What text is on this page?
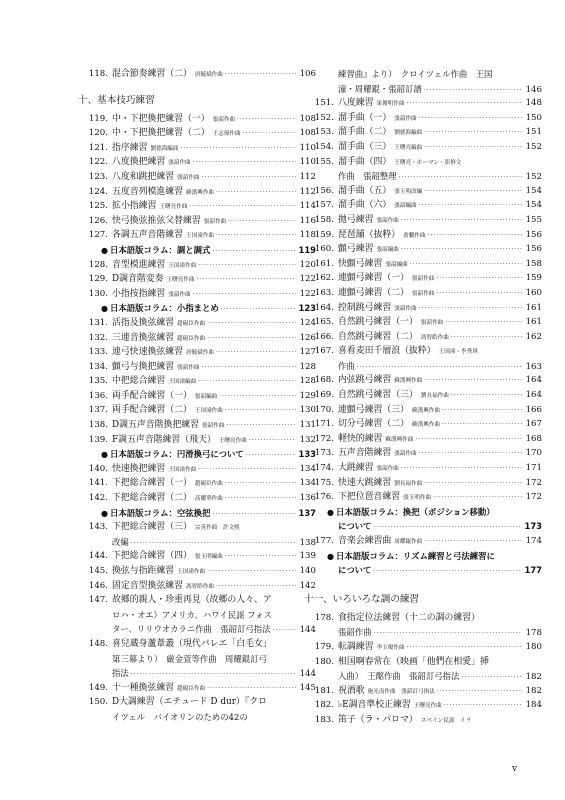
118. 混合節奏練習（二） 唐毓斌作曲 ·····	106
十、基本技巧練習
119. 中・下把換把練習（一） 張韶作曲 ·····	108
120. 中・下把換把練習（二） 王志偉作曲 ·····	108
121. 指序練習 劉德海編曲 ·····	110
122. 八度換把練習 張韶作曲 ·····	110
123. 八度和跳把練習 張韶作曲 ·····	112
124. 五度音列模進練習 蘇漢興作曲 ·····	112
125. 拡小指練習 王曙亮作曲 ·····	114
126. 快弓換弦推弦父替練習 張韶作曲 ·····	116
127. 各調五声音階練習 王国潼作曲 ·····	118
● 日本語版コラム：調と調式 ·····	119
128. 音型模進練習 王国潼作曲 ·····	120
129. D調音階変奏 王曙亮作曲 ·····	122
130. 小指按指練習 張韶作曲 ·····	122
● 日本語版コラム：小指まとめ ·····	123
131. 活指及換弦練習 趙硯臣作曲 ·····	124
132. 三連音換弦練習 趙硯臣作曲 ·····	126
133. 連弓快速換弦練習 唐毓斌作曲 ·····	127
134. 顫弓与換把練習 張韶作曲 ·····	128
135. 中把総合練習 王国潼編曲 ·····	128
136. 両手配合練習（一） 張韶編曲 ·····	129
137. 両手配合練習（二） 王国潼作曲 ·····	130
138. D調五声音階換把練習 張韶作曲 ·····	131
139. F調五声音階練習（飛天） 王曙亮作曲 ·····	132
● 日本語版コラム：円滑換弓について ·····	133
140. 快速換把練習 王国潼作曲 ·····	134
141. 下把総合練習（一） 趙硯臣作曲 ·····	134
142. 下把総合練習（二） 高耀華作曲 ·····	136
● 日本語版コラム：空弦換把 ·····	137
143. 下把総合練習（三） 宗英作曲　許文熙
改編 ·····	138
144. 下把総合練習（四） 張玉明編曲 ·····	139
145. 換弦与指距練習 王国潼作曲 ·····	140
146. 固定音型換弦練習 馮智皓作曲 ·····	142
147. 故郷的親人・珍重再見（故郷の人々、ア
ロハ・オエ）アメリカ、ハワイ民謡 フォス
ター、リリウオカラニ作曲　張韶訂弓指法 ·····	144
148. 喜兒蔵身蘆葦叢（現代バレエ「白毛女」
第三幕より）　厳金萱等作曲　周耀錕訂弓
指法 ·····	144
149. 十一種換弦練習 趙硯臣作曲 ·····	145
150. D大調練習（エチュード D dur）『クロ
イツェル　バイオリンのための42の
練習曲』より）　クロイツェル作曲　王国
潼・周耀錕・張韶訂譜 ·····	146
151. 八度練習 果俊明作曲 ·····	148
152. 溜手曲（一） 張韶作曲 ·····	150
153. 溜手曲（二） 劉德海編曲 ·····	151
154. 溜手曲（三） 王曙亮編曲 ·····	152
155. 溜手曲（四） 王曙亮・ホーマン・影修文
作曲　張韶整理 ·····	152
156. 溜手曲（五） 張玉明改編 ·····	154
157. 溜手曲（六） 張韶編曲 ·····	154
158. 拋弓練習 張韶作曲 ·····	155
159. 琵琶舗（抜粋） 俞鵬作曲 ·····	156
160. 顫弓練習 張韶編曲 ·····	156
161. 快顫弓練習 張韶編曲 ·····	158
162. 連顫弓練習（一） 張韶作曲 ·····	159
163. 連顫弓練習（二） 張韶作曲 ·····	160
164. 控制跳弓練習 張韶作曲 ·····	161
165. 自然跳弓練習（一） 張韶作曲 ·····	161
166. 自然跳弓練習（二） 馮智皓作曲 ·····	162
167. 喜看麦田千層浪（抜粋） 王国潼・李秀琪
作曲 ·····	163
168. 内弦跳弓練習 蘇漢興作曲 ·····	164
169. 自然跳弓練習（三） 劉長福作曲 ·····	164
170. 連顫弓練習（三） 蘇漢興作曲 ·····	166
171. 切分弓練習（二） 蘇漢興作曲 ·····	167
172. 軽快的練習 蘇漢興作曲 ·····	168
173. 五声音階練習 張韶作曲 ·····	170
174. 大跳練習 張韶作曲 ·····	171
175. 快速大跳練習 劉長福作曲 ·····	172
176. 下把位琶音練習 張玉明作曲 ·····	172
● 日本語版コラム：換把（ポジション移動）
について ·····	173
177. 音楽会練習曲 周耀錕作曲 ·····	174
● 日本語版コラム：リズム練習と弓法練習に
について ·····	177
十一、いろいろな調の練習
178. 食指定位法練習（十二の調の練習）
張韶作曲 ·····	178
179. 転調練習 李玉俊作曲 ·····	180
180. 相国啊春常在（映画「他們在相愛」挿
入曲）　王酩作曲　張韶訂弓指法 ·····	182
181. 祝酒歌 施光南作曲　張韶訂弓指法 ·····	182
182. ♭E調音準校正練習 王曙亮作曲 ·····	184
183. 笛子（ラ・パロマ） スペイン民謡　イラ
v
